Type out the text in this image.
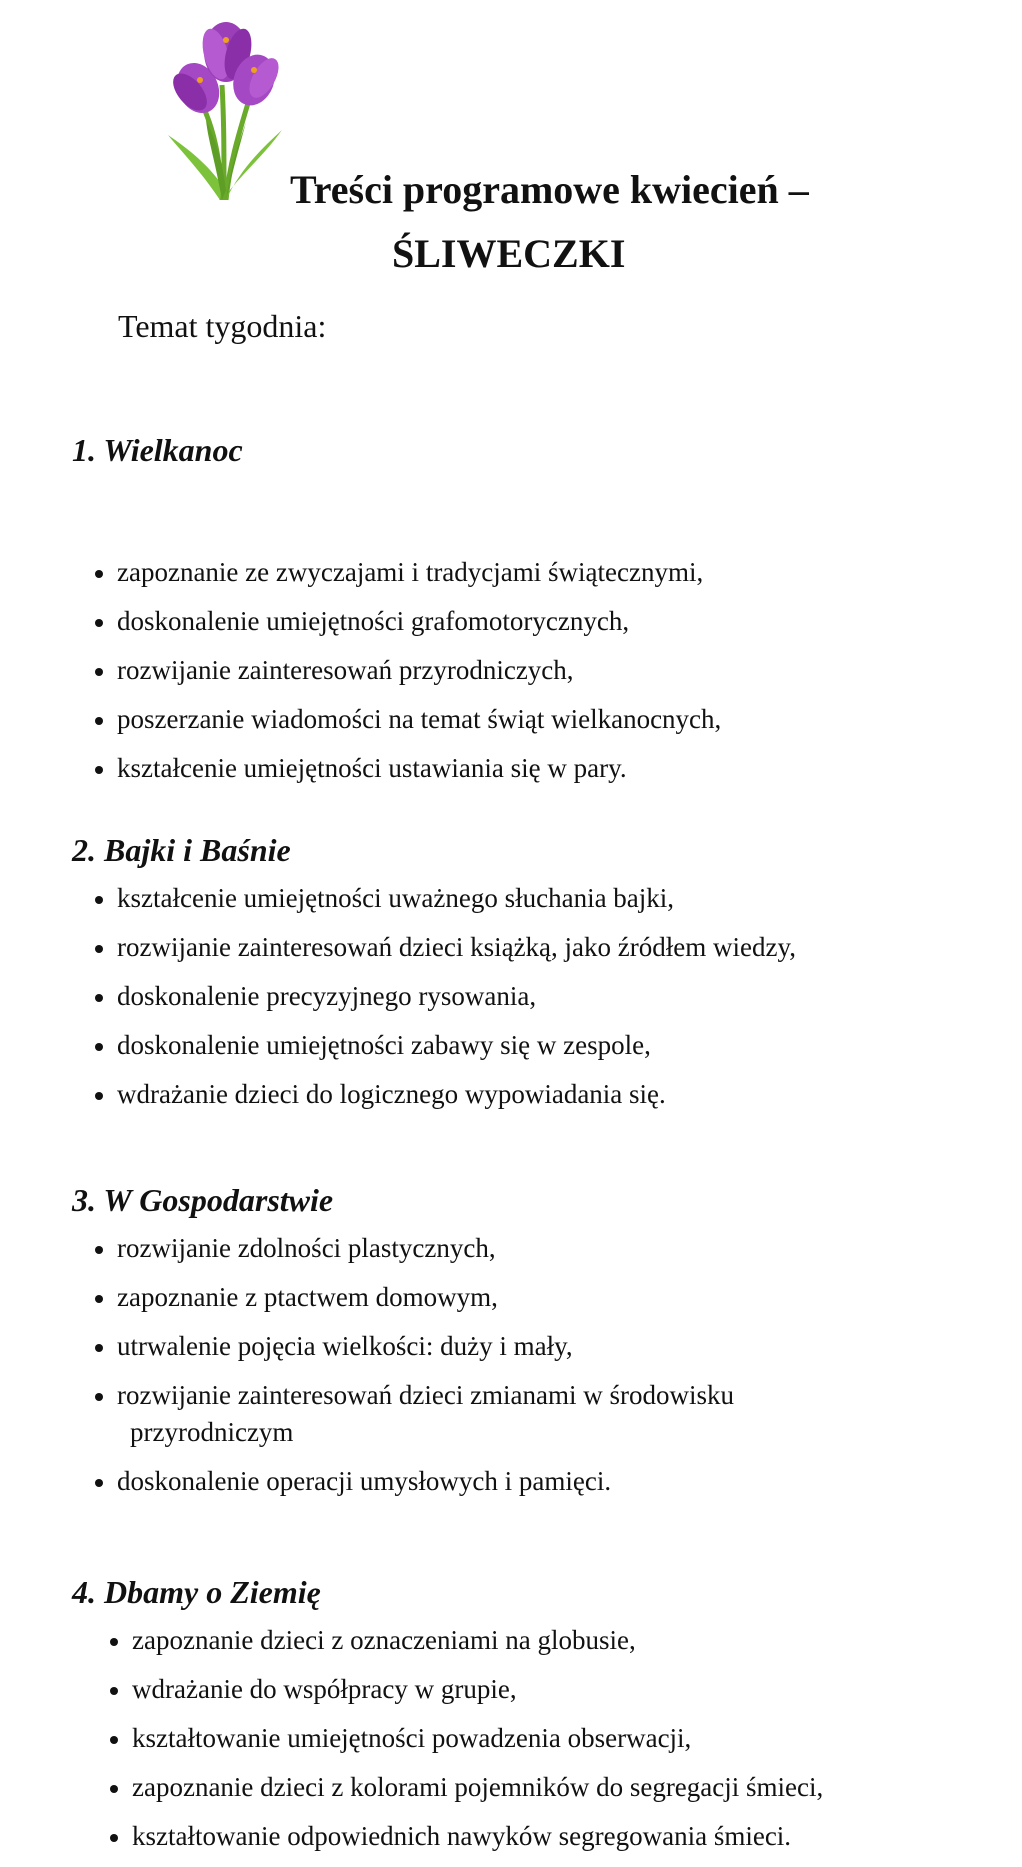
Treści programowe kwiecień –
ŚLIWECZKI
Temat tygodnia:
1. Wielkanoc
zapoznanie ze zwyczajami i tradycjami świątecznymi,
doskonalenie umiejętności grafomotorycznych,
rozwijanie zainteresowań przyrodniczych,
poszerzanie wiadomości na temat świąt wielkanocnych,
kształcenie umiejętności ustawiania się w pary.
2. Bajki i Baśnie
kształcenie umiejętności uważnego słuchania bajki,
rozwijanie zainteresowań dzieci książką, jako źródłem wiedzy,
doskonalenie precyzyjnego rysowania,
doskonalenie umiejętności zabawy się w zespole,
wdrażanie dzieci do logicznego wypowiadania się.
3. W Gospodarstwie
rozwijanie zdolności plastycznych,
zapoznanie z ptactwem domowym,
utrwalenie pojęcia wielkości: duży i mały,
rozwijanie zainteresowań dzieci zmianami w środowisku
przyrodniczym
doskonalenie operacji umysłowych i pamięci.
4. Dbamy o Ziemię
zapoznanie dzieci z oznaczeniami na globusie,
wdrażanie do współpracy w grupie,
kształtowanie umiejętności powadzenia obserwacji,
zapoznanie dzieci z kolorami pojemników do segregacji śmieci,
kształtowanie odpowiednich nawyków segregowania śmieci.
